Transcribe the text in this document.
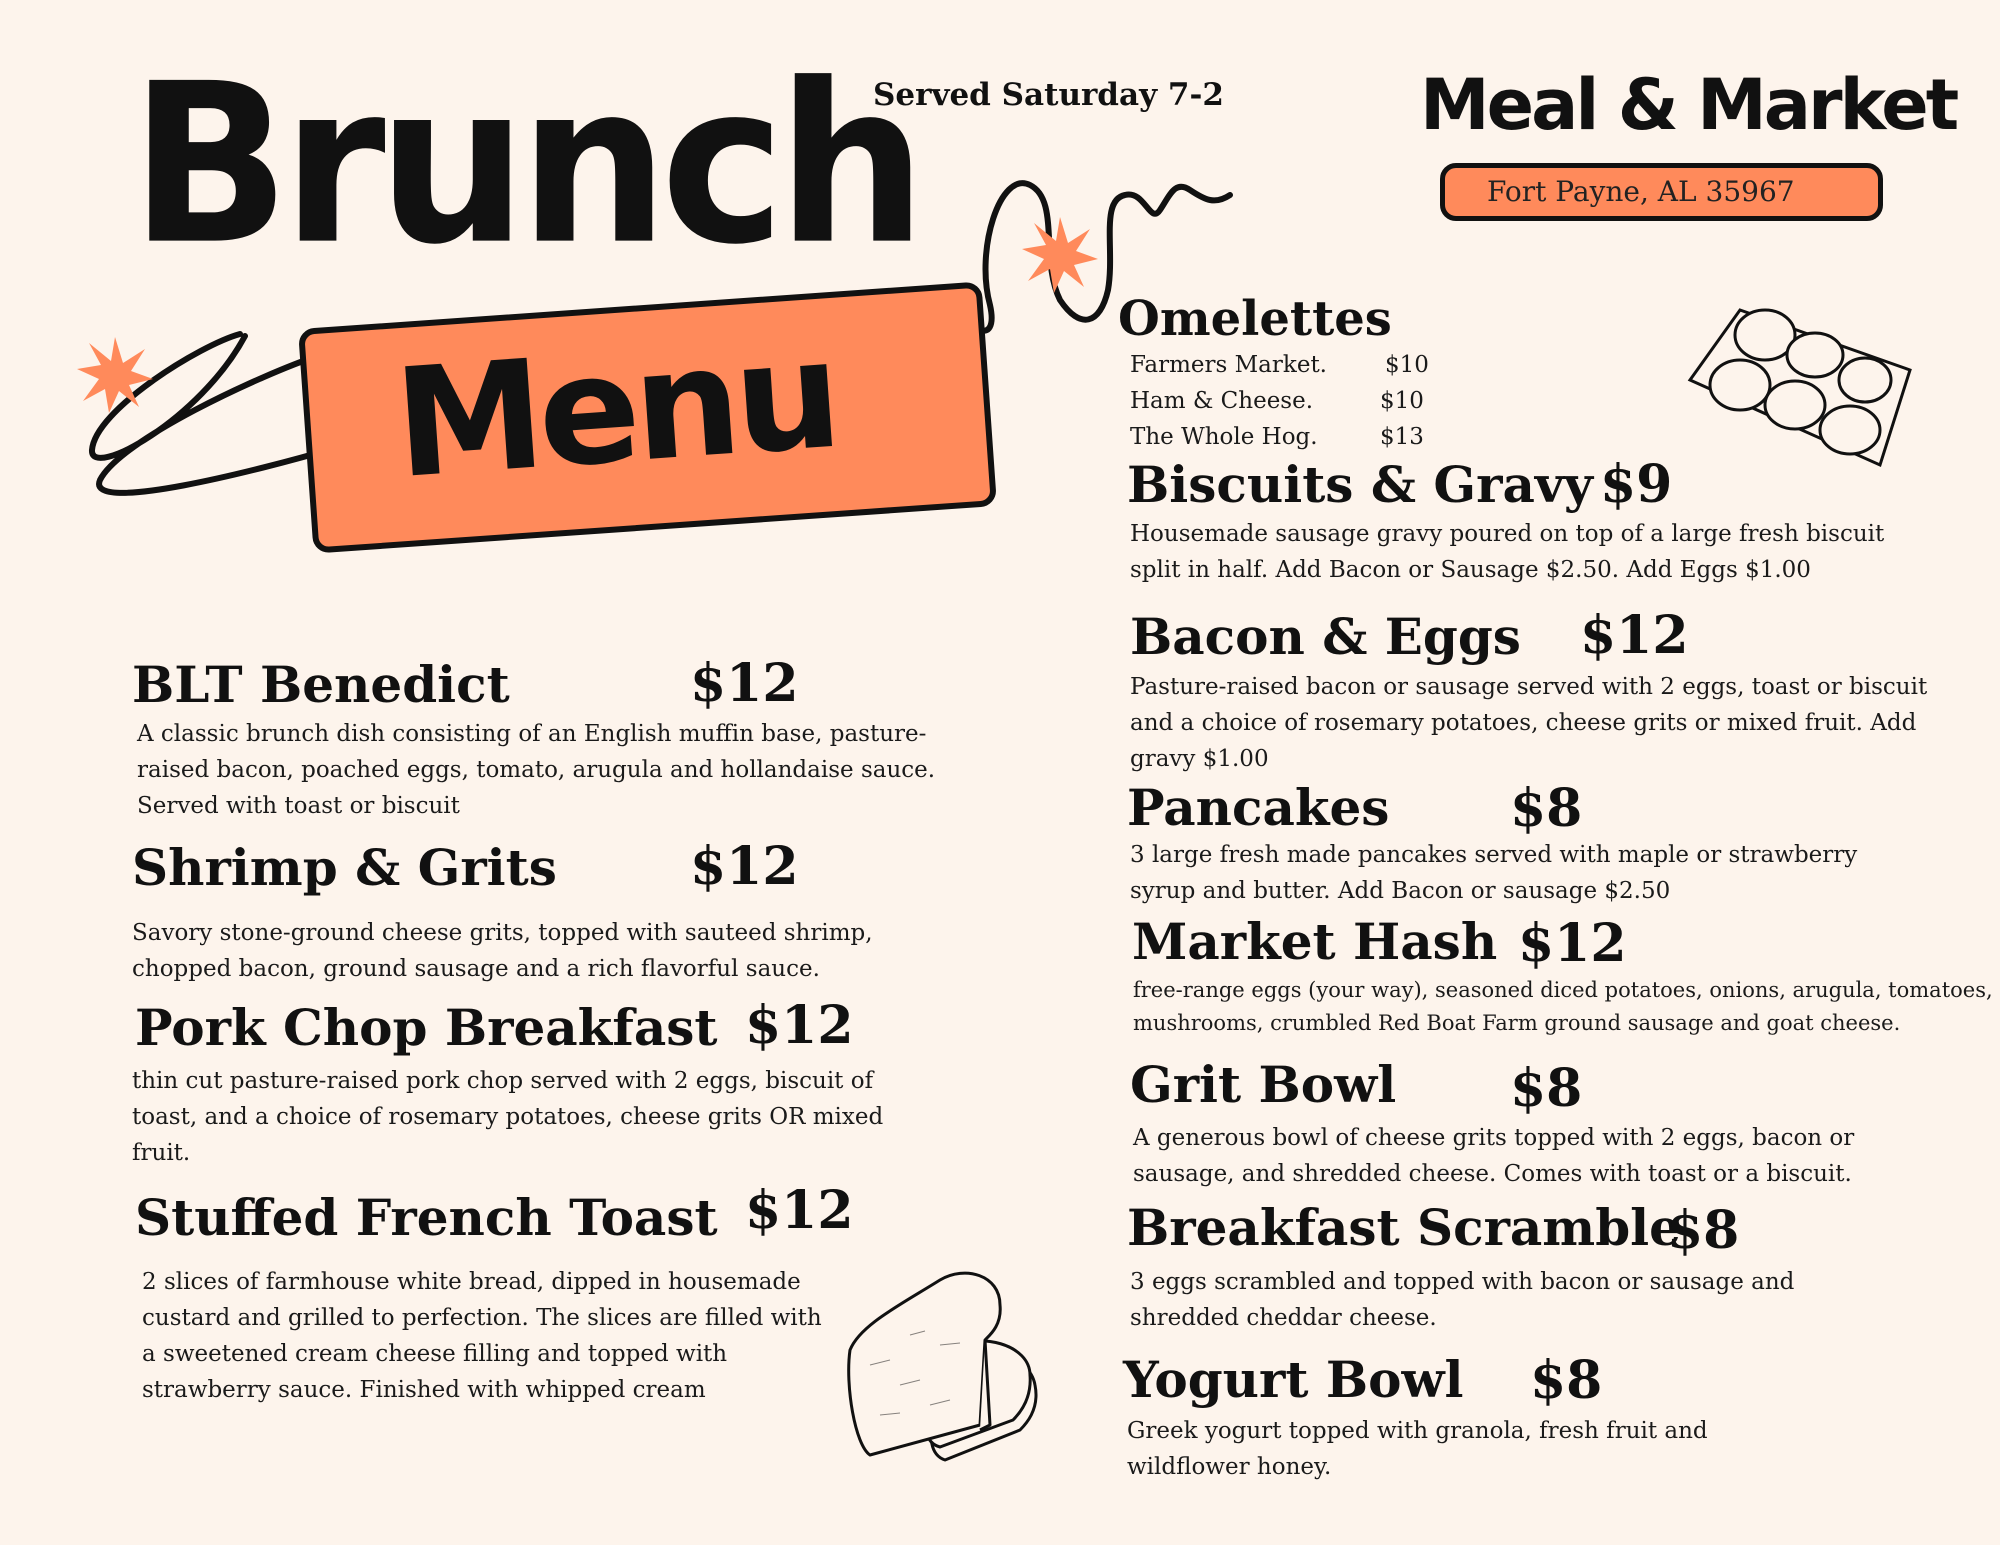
Brunch
Menu
Served Saturday 7-2	Meal & Market
Fort Payne, AL 35967
BLT Benedict	$12
A classic brunch dish consisting of an English muffin base, pasture-raised bacon, poached eggs, tomato, arugula and hollandaise sauce. Served with toast or biscuit
Shrimp & Grits	$12
Savory stone-ground cheese grits, topped with sauteed shrimp, chopped bacon, ground sausage and a rich flavorful sauce.
Pork Chop Breakfast $12
thin cut pasture-raised pork chop served with 2 eggs, biscuit of toast, and a choice of rosemary potatoes, cheese grits OR mixed fruit.
Stuffed French Toast $12
2 slices of farmhouse white bread, dipped in housemade custard and grilled to perfection. The slices are filled with a sweetened cream cheese filling and topped with strawberry sauce. Finished with whipped cream
Omelettes
Farmers Market.	$10
Ham & Cheese.	$10
The Whole Hog.	$13
Biscuits & Gravy $9
Housemade sausage gravy poured on top of a large fresh biscuit split in half. Add Bacon or Sausage $2.50. Add Eggs $1.00
Bacon & Eggs $12
Pasture-raised bacon or sausage served with 2 eggs, toast or biscuit and a choice of rosemary potatoes, cheese grits or mixed fruit. Add gravy $1.00
Pancakes $8
3 large fresh made pancakes served with maple or strawberry syrup and butter. Add Bacon or sausage $2.50
Market Hash $12
free-range eggs (your way), seasoned diced potatoes, onions, arugula, tomatoes, mushrooms, crumbled Red Boat Farm ground sausage and goat cheese.
Grit Bowl $8
A generous bowl of cheese grits topped with 2 eggs, bacon or sausage, and shredded cheese. Comes with toast or a biscuit.
Breakfast Scramble
$8
3 eggs scrambled and topped with bacon or sausage and shredded cheddar cheese.
Yogurt Bowl $8
Greek yogurt topped with granola, fresh fruit and wildflower honey.
